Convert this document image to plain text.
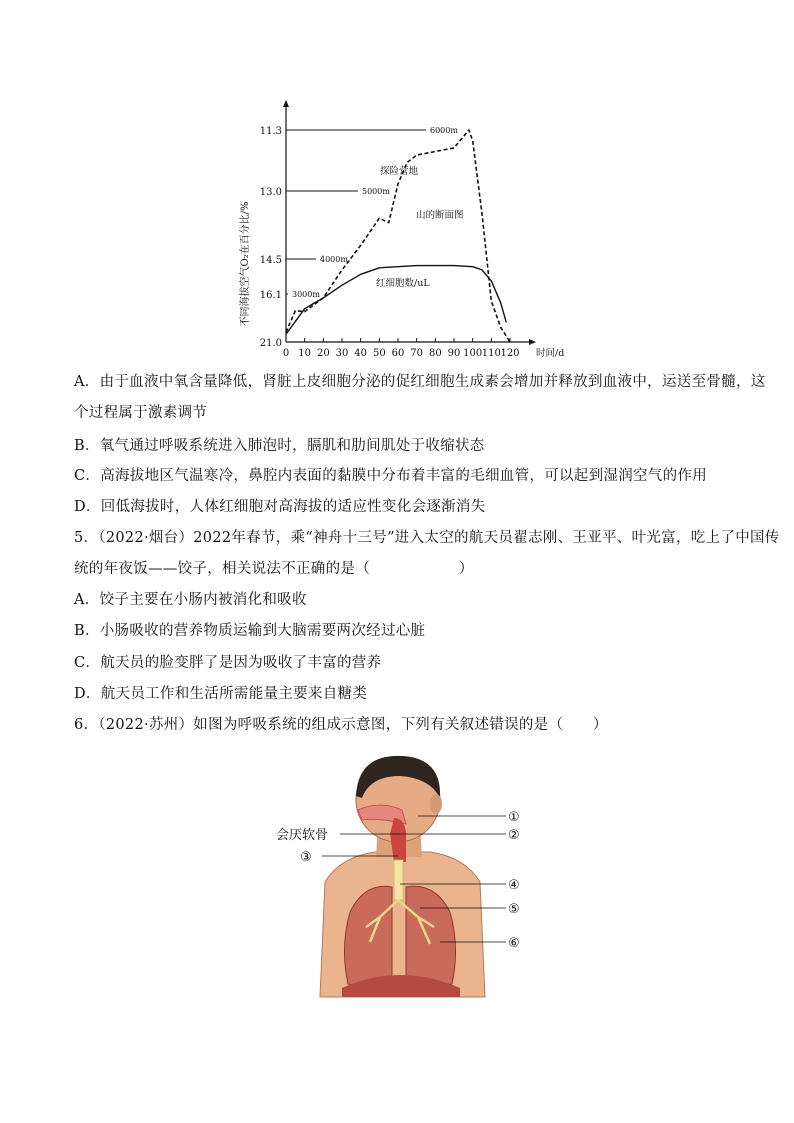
不同海拔空气O₂在百分比/%
时间/d
0 10 20 30 40 50 60 70 80 90 100 110 120
11.3
13.0
14.5
16.1
21.0
6000m
5000m
4000m
3000m
探险营地
山的断面图
红细胞数/uL
A．由于血液中氧含量降低，肾脏上皮细胞分泌的促红细胞生成素会增加并释放到血液中，运送至骨髓，这
个过程属于激素调节
B．氧气通过呼吸系统进入肺泡时，膈肌和肋间肌处于收缩状态
C．高海拔地区气温寒冷，鼻腔内表面的黏膜中分布着丰富的毛细血管，可以起到湿润空气的作用
D．回低海拔时，人体红细胞对高海拔的适应性变化会逐渐消失
5．（2022·烟台）2022年春节，乘“神舟十三号”进入太空的航天员翟志刚、王亚平、叶光富，吃上了中国传
统的年夜饭——饺子，相关说法不正确的是（　　　　　　）
A．饺子主要在小肠内被消化和吸收
B．小肠吸收的营养物质运输到大脑需要两次经过心脏
C．航天员的脸变胖了是因为吸收了丰富的营养
D．航天员工作和生活所需能量主要来自糖类
6．（2022·苏州）如图为呼吸系统的组成示意图，下列有关叙述错误的是（　　）
会厌软骨
①
②
③
④
⑤
⑥
